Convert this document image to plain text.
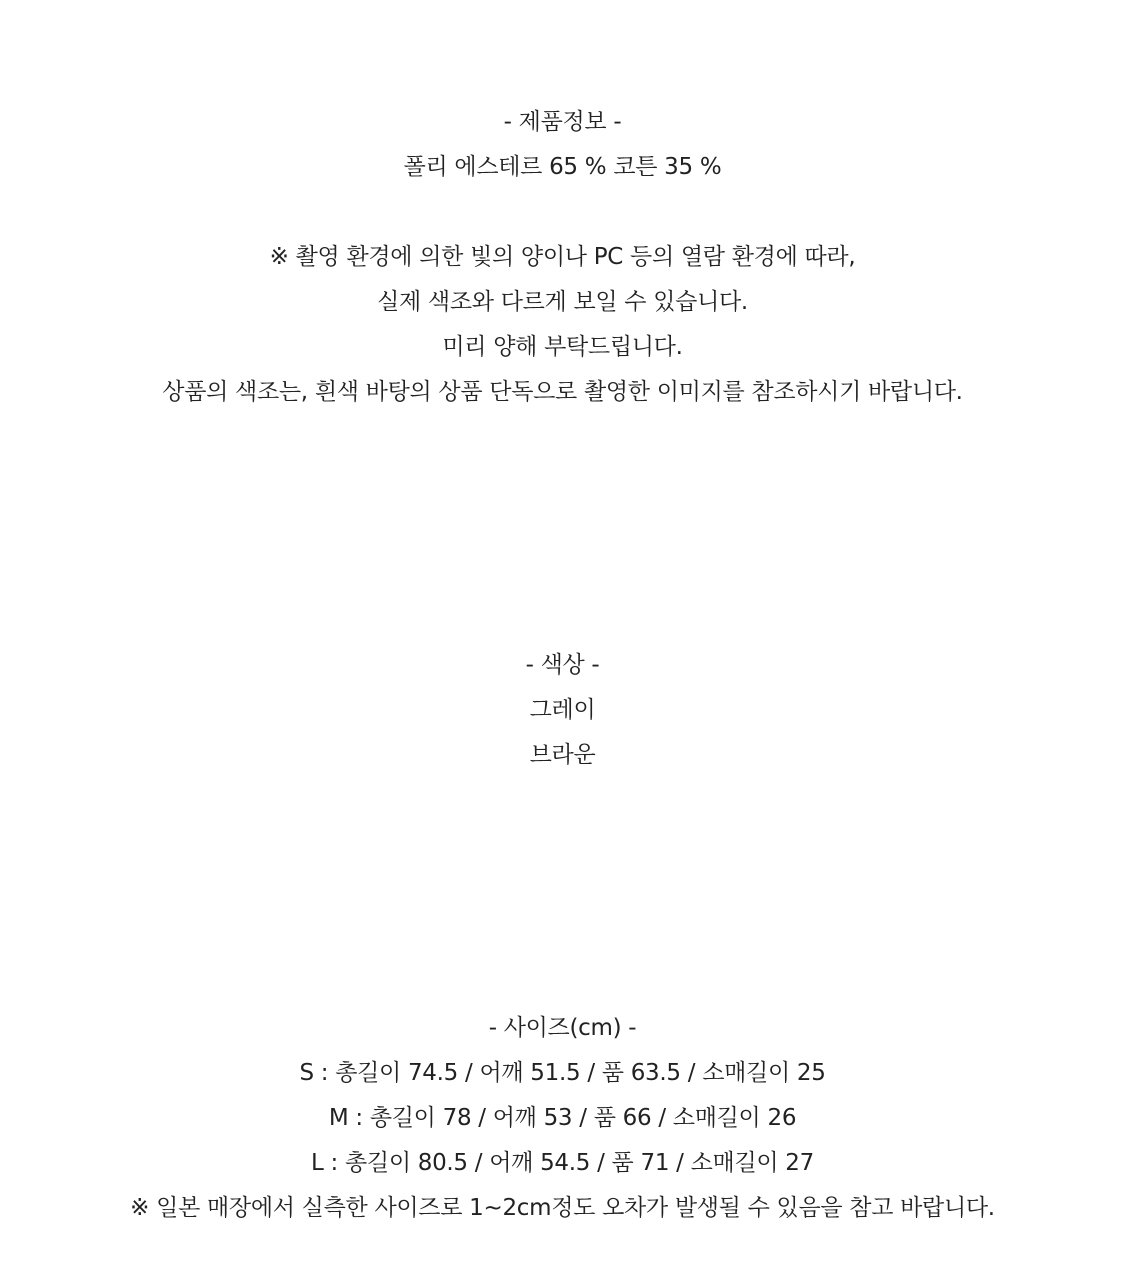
- 제품정보 -
폴리 에스테르 65 % 코튼 35 %
※ 촬영 환경에 의한 빛의 양이나 PC 등의 열람 환경에 따라,
실제 색조와 다르게 보일 수 있습니다.
미리 양해 부탁드립니다.
상품의 색조는, 흰색 바탕의 상품 단독으로 촬영한 이미지를 참조하시기 바랍니다.
- 색상 -
그레이
브라운
- 사이즈(cm) -
S : 총길이 74.5 / 어깨 51.5 / 품 63.5 / 소매길이 25
M : 총길이 78 / 어깨 53 / 품 66 / 소매길이 26
L : 총길이 80.5 / 어깨 54.5 / 품 71 / 소매길이 27
※ 일본 매장에서 실측한 사이즈로 1~2cm정도 오차가 발생될 수 있음을 참고 바랍니다.
